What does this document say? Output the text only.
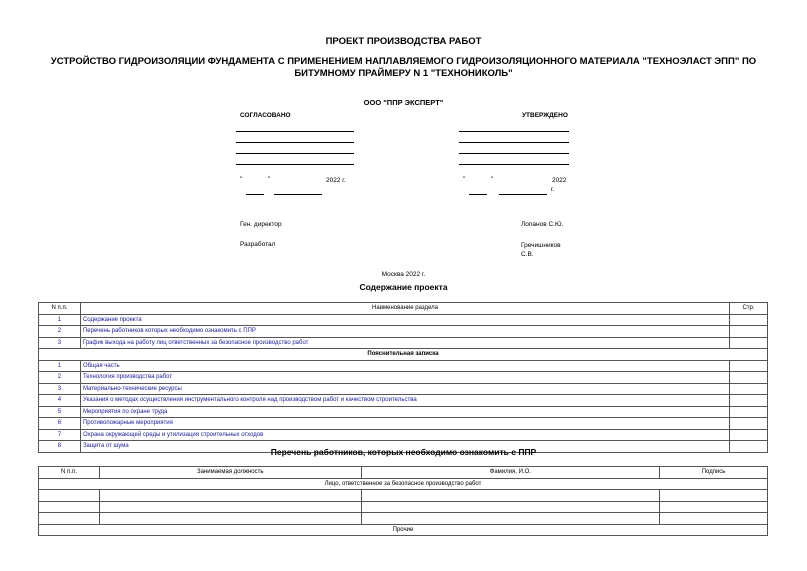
ПРОЕКТ ПРОИЗВОДСТВА РАБОТ
УСТРОЙСТВО ГИДРОИЗОЛЯЦИИ ФУНДАМЕНТА С ПРИМЕНЕНИЕМ НАПЛАВЛЯЕМОГО ГИДРОИЗОЛЯЦИОННОГО МАТЕРИАЛА "ТЕХНОЭЛАСТ ЭПП" ПО БИТУМНОМУ ПРАЙМЕРУ N 1 "ТЕХНОНИКОЛЬ"
ООО "ППР ЭКСПЕРТ"
СОГЛАСОВАНО	УТВЕРЖДЕНО
"	"	2022 г.	"	"	2022
г.
Ген. директор	Лопанов С.Ю.
Разработал	Гречишников
С.В.
Москва 2022 г.
Содержание проекта
N п.п.	Наименование раздела	Стр.
1	Содержание проекта	
2	Перечень работников которых необходимо ознакомить с ППР	
3	График выхода на работу лиц ответственных за безопасное производство работ	
Пояснительная записка		
1	Общая часть	
2	Технология производства работ	
3	Материально-технические ресурсы	
4	Указания о методах осуществления инструментального контроля над производством работ и качеством строительства	
5	Мероприятия по охране труда	
6	Противопожарные мероприятия	
7	Охрана окружающей среды и утилизация строительных отходов	
8	Защита от шума	
Перечень работников, которых необходимо ознакомить с ППР
N п.п.	Занимаемая должность	Фамилия, И.О.	Подпись
Лицо, ответственное за безопасное производство работ			

Прочие			
